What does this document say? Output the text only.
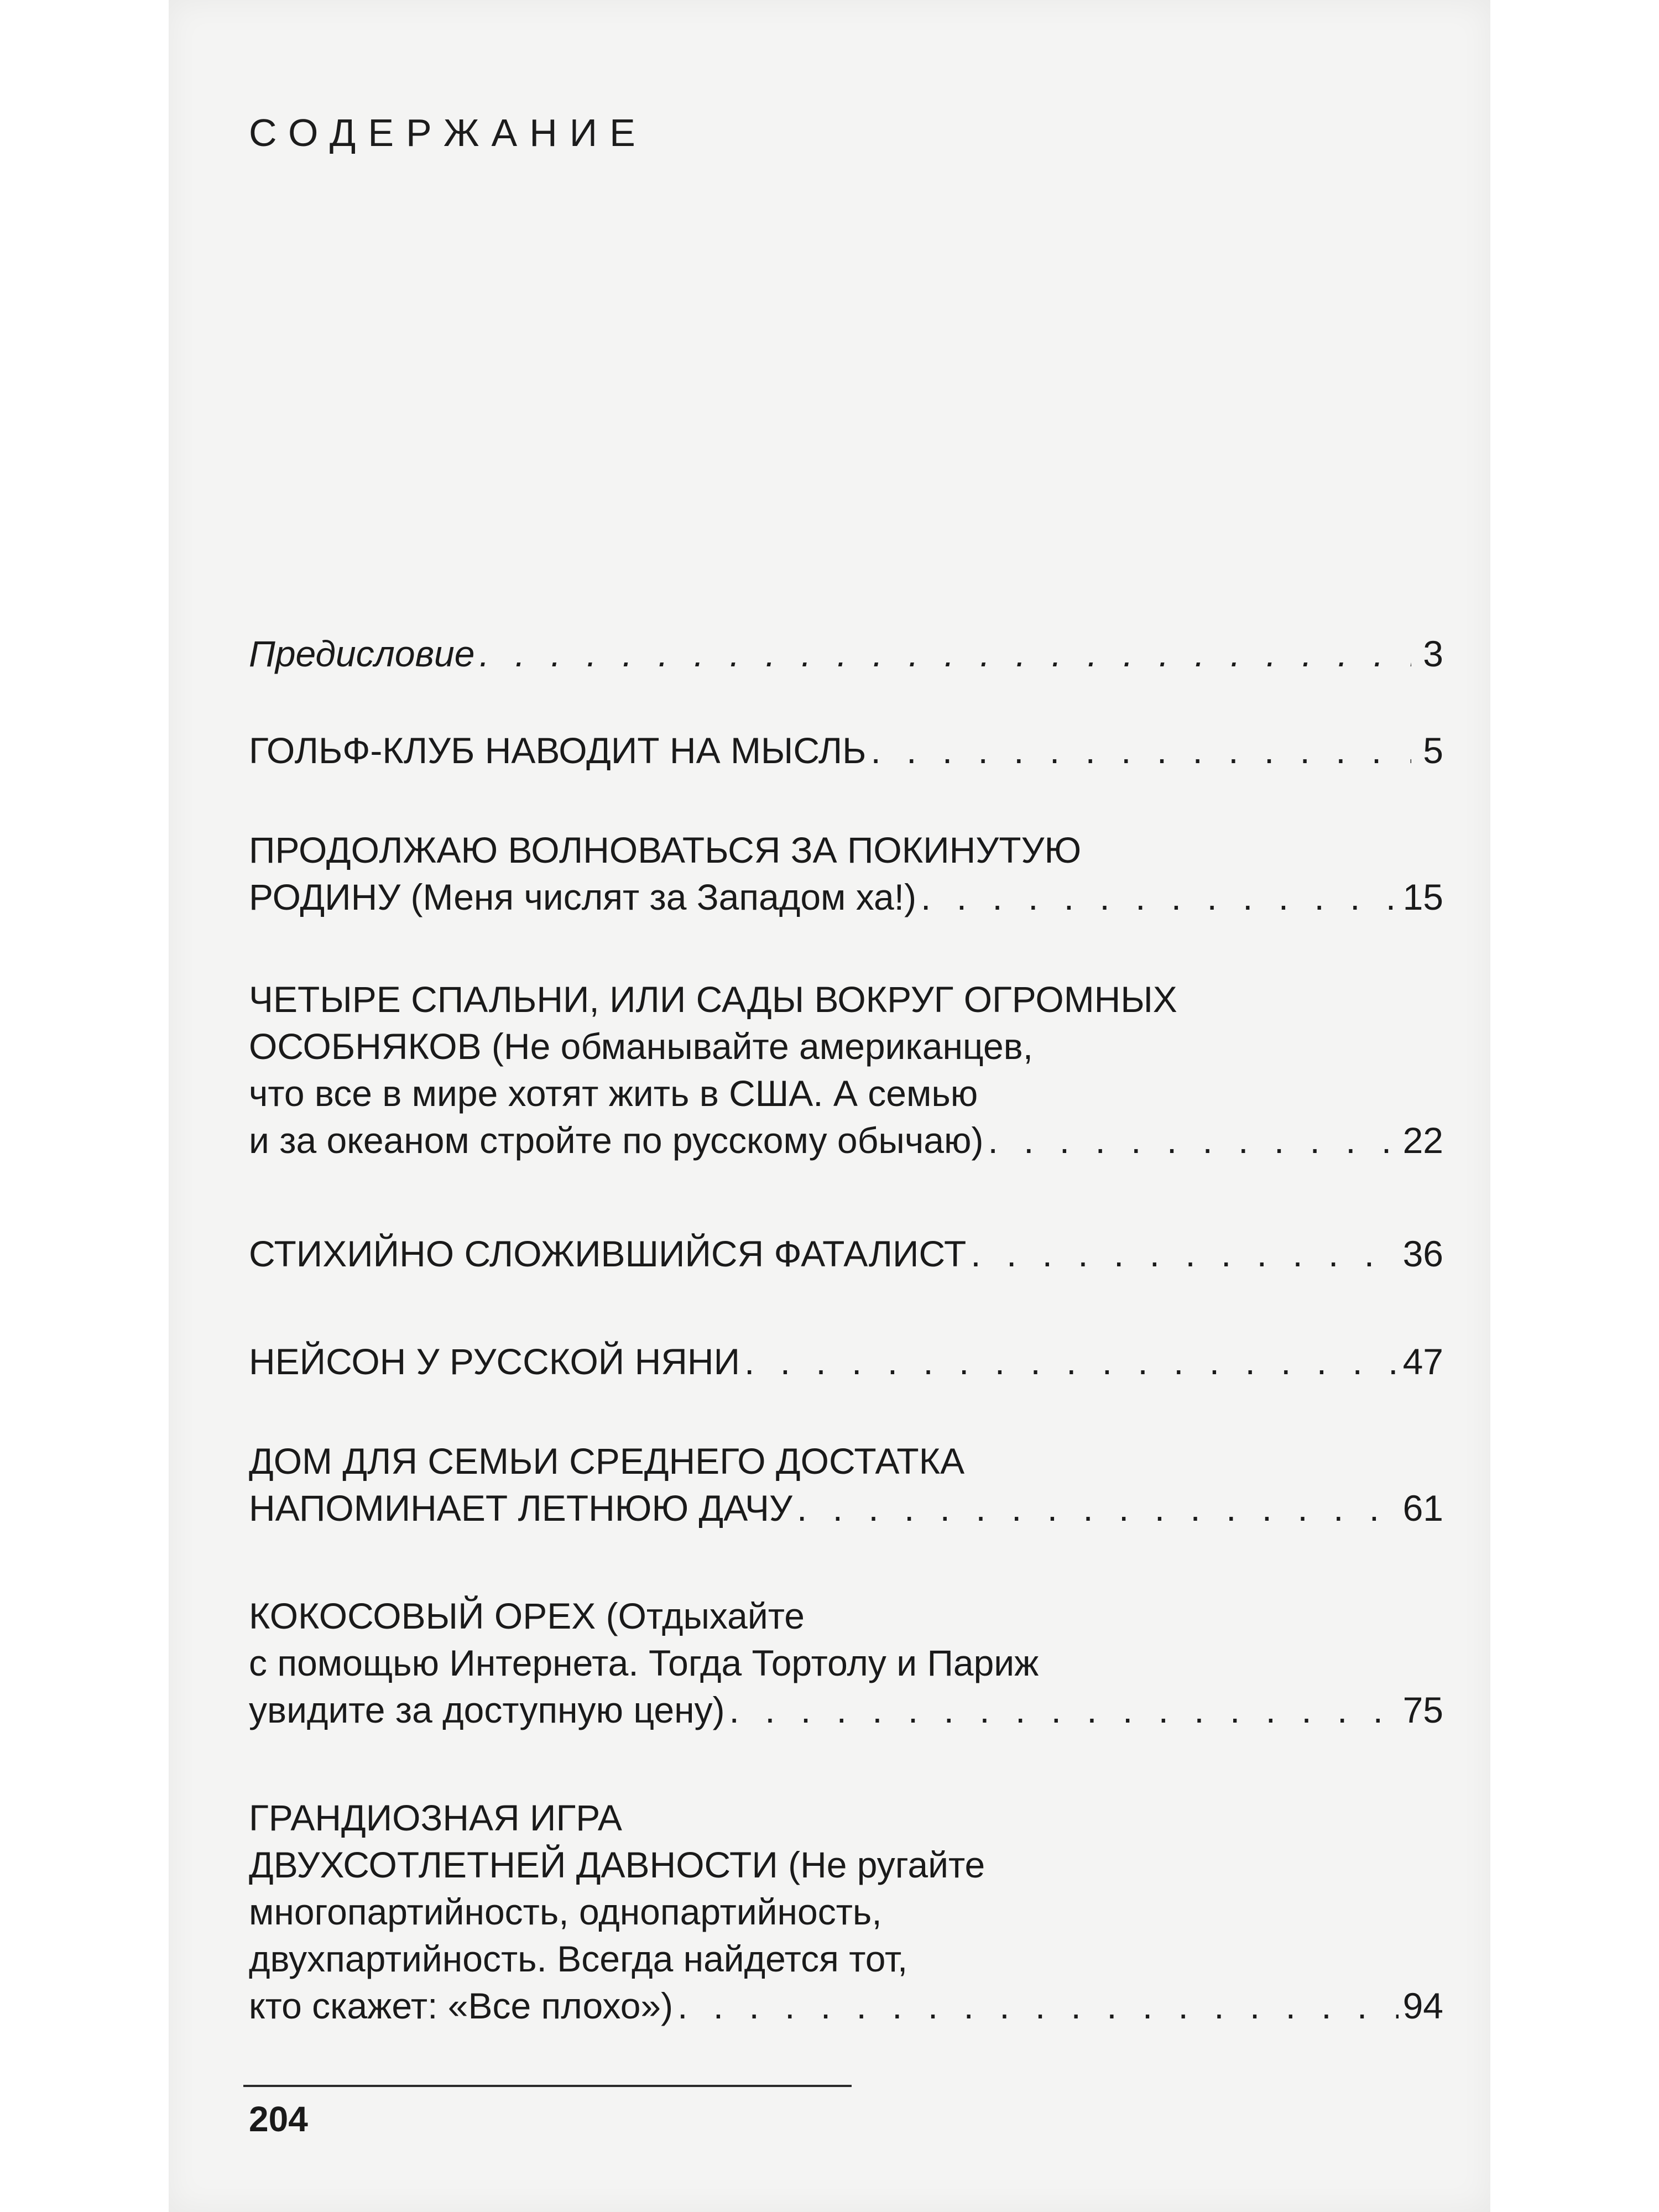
СОДЕРЖАНИЕ
Предисловие . . .	3
ГОЛЬФ-КЛУБ НАВОДИТ НА МЫСЛЬ . . .	5
ПРОДОЛЖАЮ ВОЛНОВАТЬСЯ ЗА ПОКИНУТУЮ
РОДИНУ (Меня числят за Западом ха!) . . .	15
ЧЕТЫРЕ СПАЛЬНИ, ИЛИ САДЫ ВОКРУГ ОГРОМНЫХ
ОСОБНЯКОВ (Не обманывайте американцев,
что все в мире хотят жить в США. А семью
и за океаном стройте по русскому обычаю) . . .	22
СТИХИЙНО СЛОЖИВШИЙСЯ ФАТАЛИСТ . . .	36
НЕЙСОН У РУССКОЙ НЯНИ . . .	47
ДОМ ДЛЯ СЕМЬИ СРЕДНЕГО ДОСТАТКА
НАПОМИНАЕТ ЛЕТНЮЮ ДАЧУ . . .	61
КОКОСОВЫЙ ОРЕХ (Отдыхайте
с помощью Интернета. Тогда Тортолу и Париж
увидите за доступную цену) . . .	75
ГРАНДИОЗНАЯ ИГРА
ДВУХСОТЛЕТНЕЙ ДАВНОСТИ (Не ругайте
многопартийность, однопартийность,
двухпартийность. Всегда найдется тот,
кто скажет: «Все плохо») . . .	94
204
